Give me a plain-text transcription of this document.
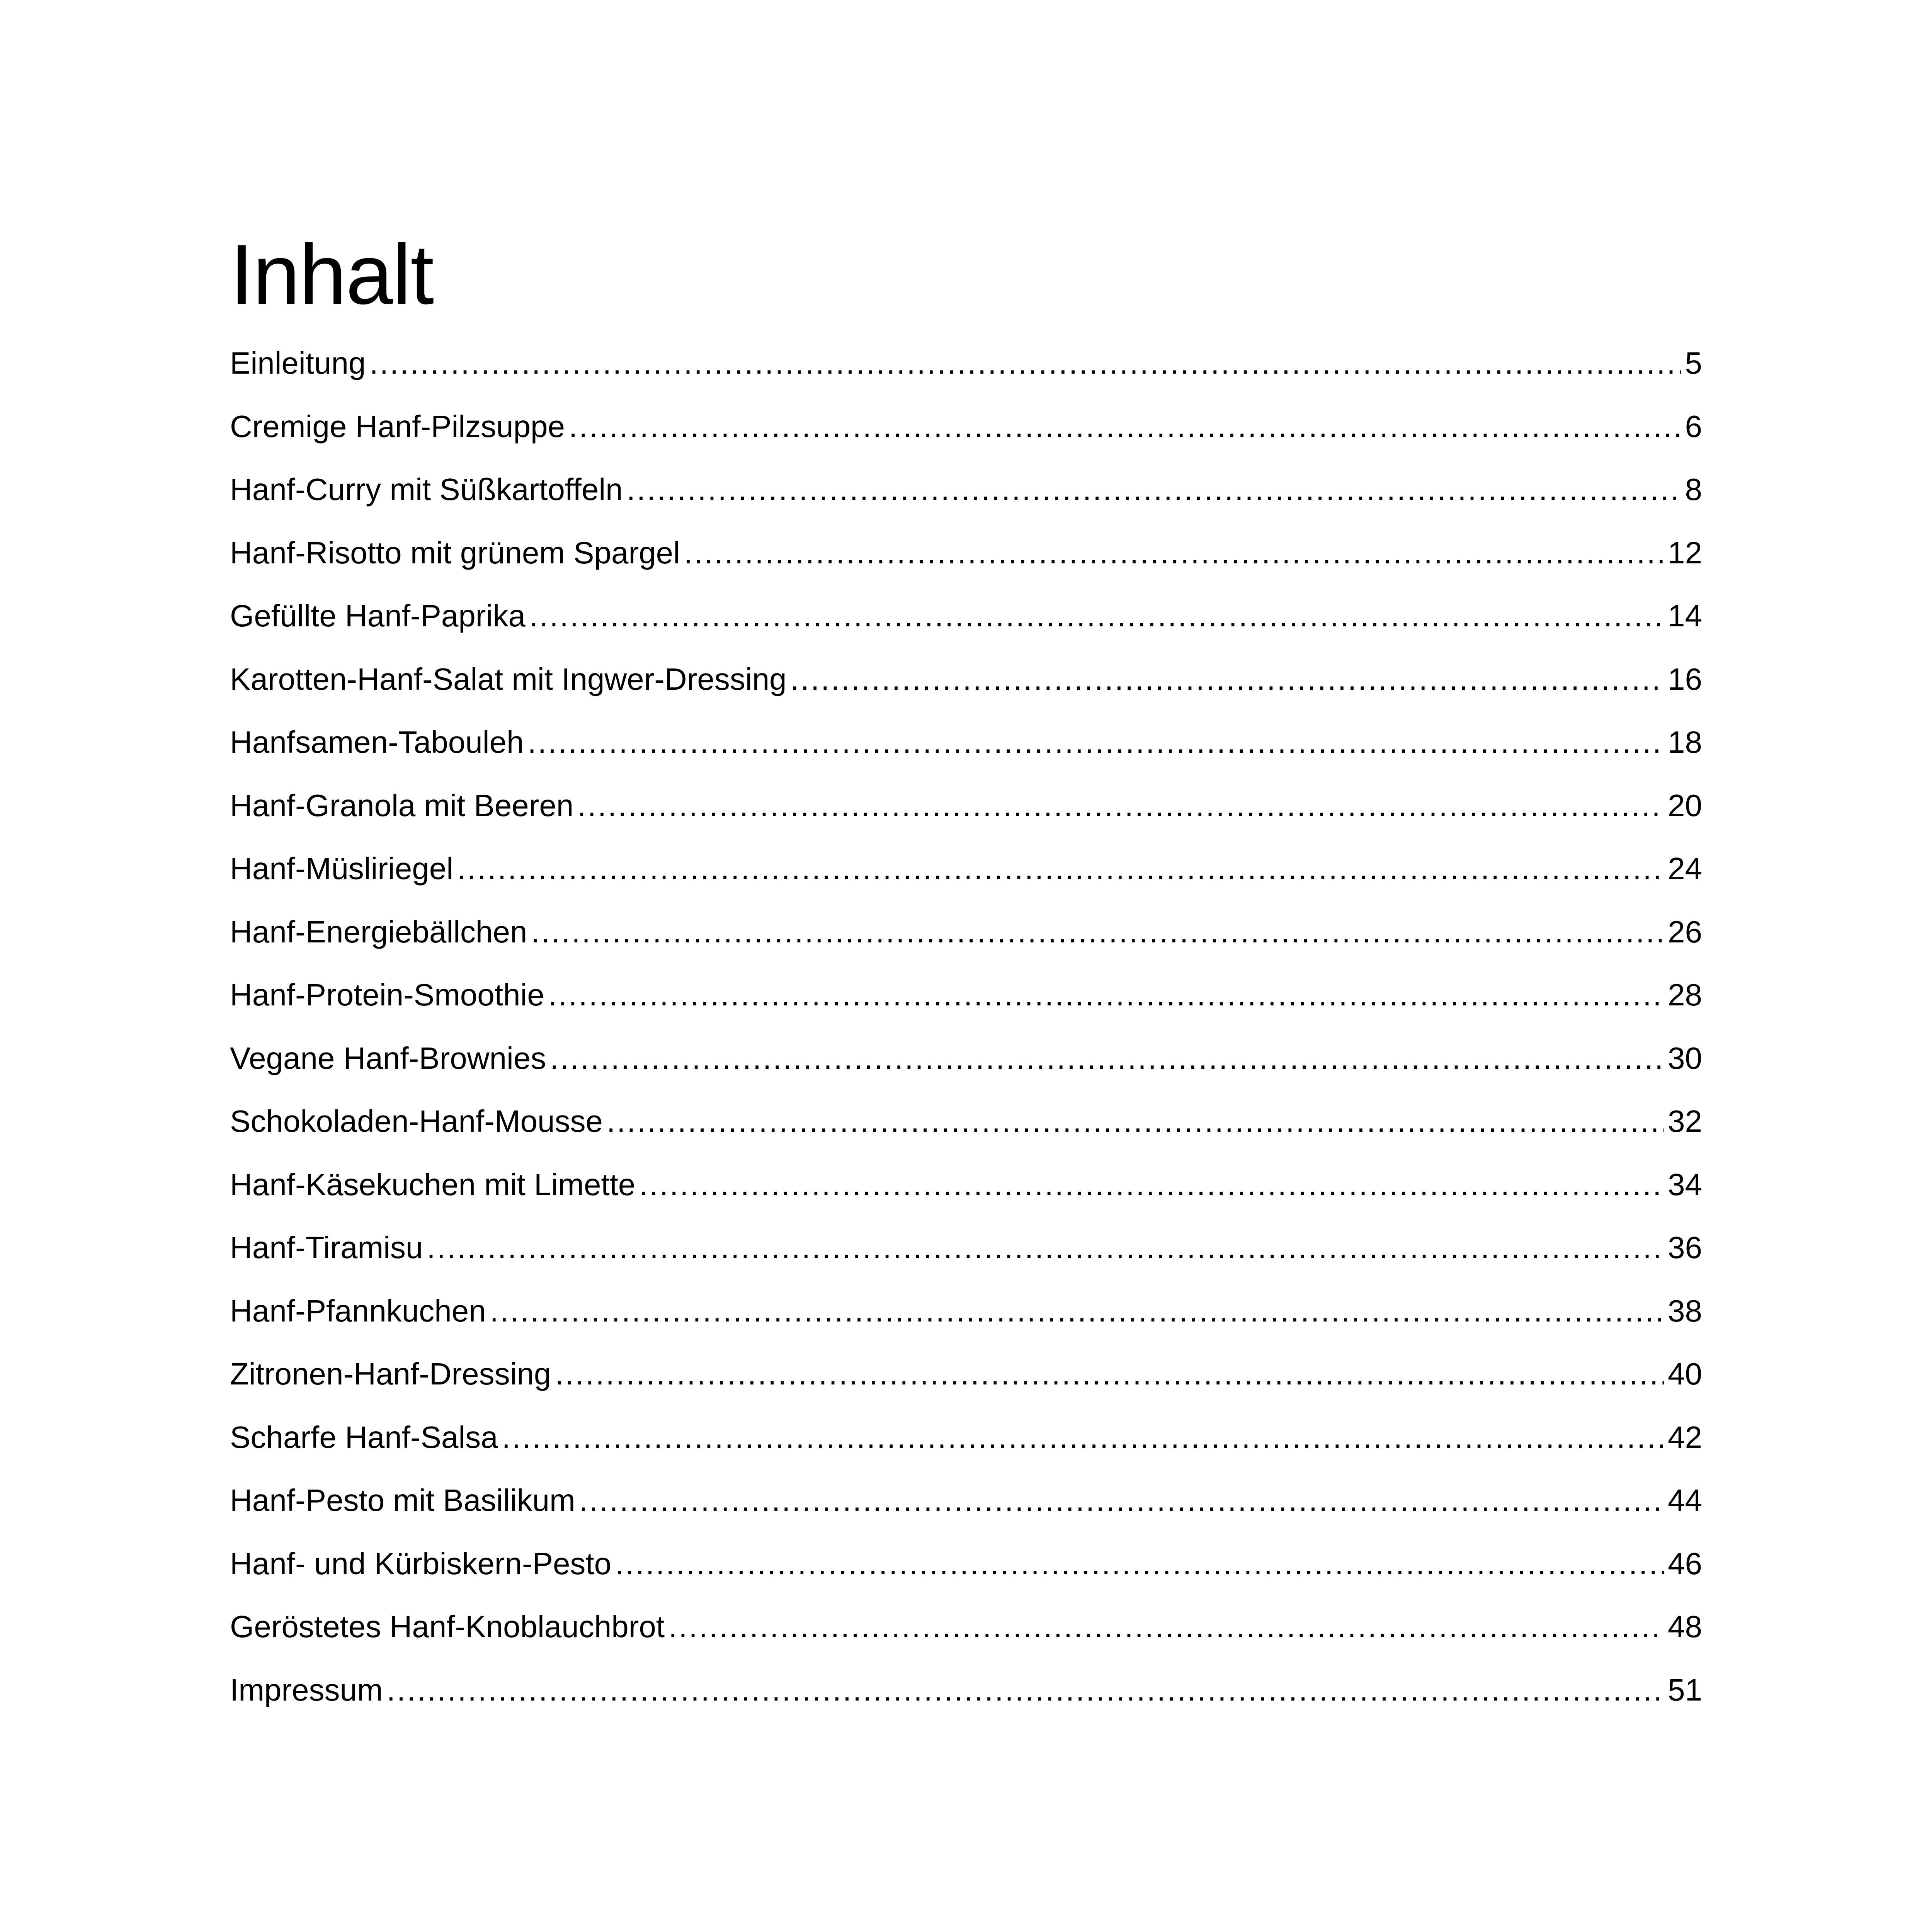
Inhalt
Einleitung .....	5
Cremige Hanf-Pilzsuppe .....	6
Hanf-Curry mit Süßkartoffeln .....	8
Hanf-Risotto mit grünem Spargel .....	12
Gefüllte Hanf-Paprika .....	14
Karotten-Hanf-Salat mit Ingwer-Dressing .....	16
Hanfsamen-Tabouleh .....	18
Hanf-Granola mit Beeren .....	20
Hanf-Müsliriegel .....	24
Hanf-Energiebällchen .....	26
Hanf-Protein-Smoothie .....	28
Vegane Hanf-Brownies .....	30
Schokoladen-Hanf-Mousse .....	32
Hanf-Käsekuchen mit Limette .....	34
Hanf-Tiramisu .....	36
Hanf-Pfannkuchen .....	38
Zitronen-Hanf-Dressing .....	40
Scharfe Hanf-Salsa .....	42
Hanf-Pesto mit Basilikum .....	44
Hanf- und Kürbiskern-Pesto .....	46
Geröstetes Hanf-Knoblauchbrot .....	48
Impressum .....	51
